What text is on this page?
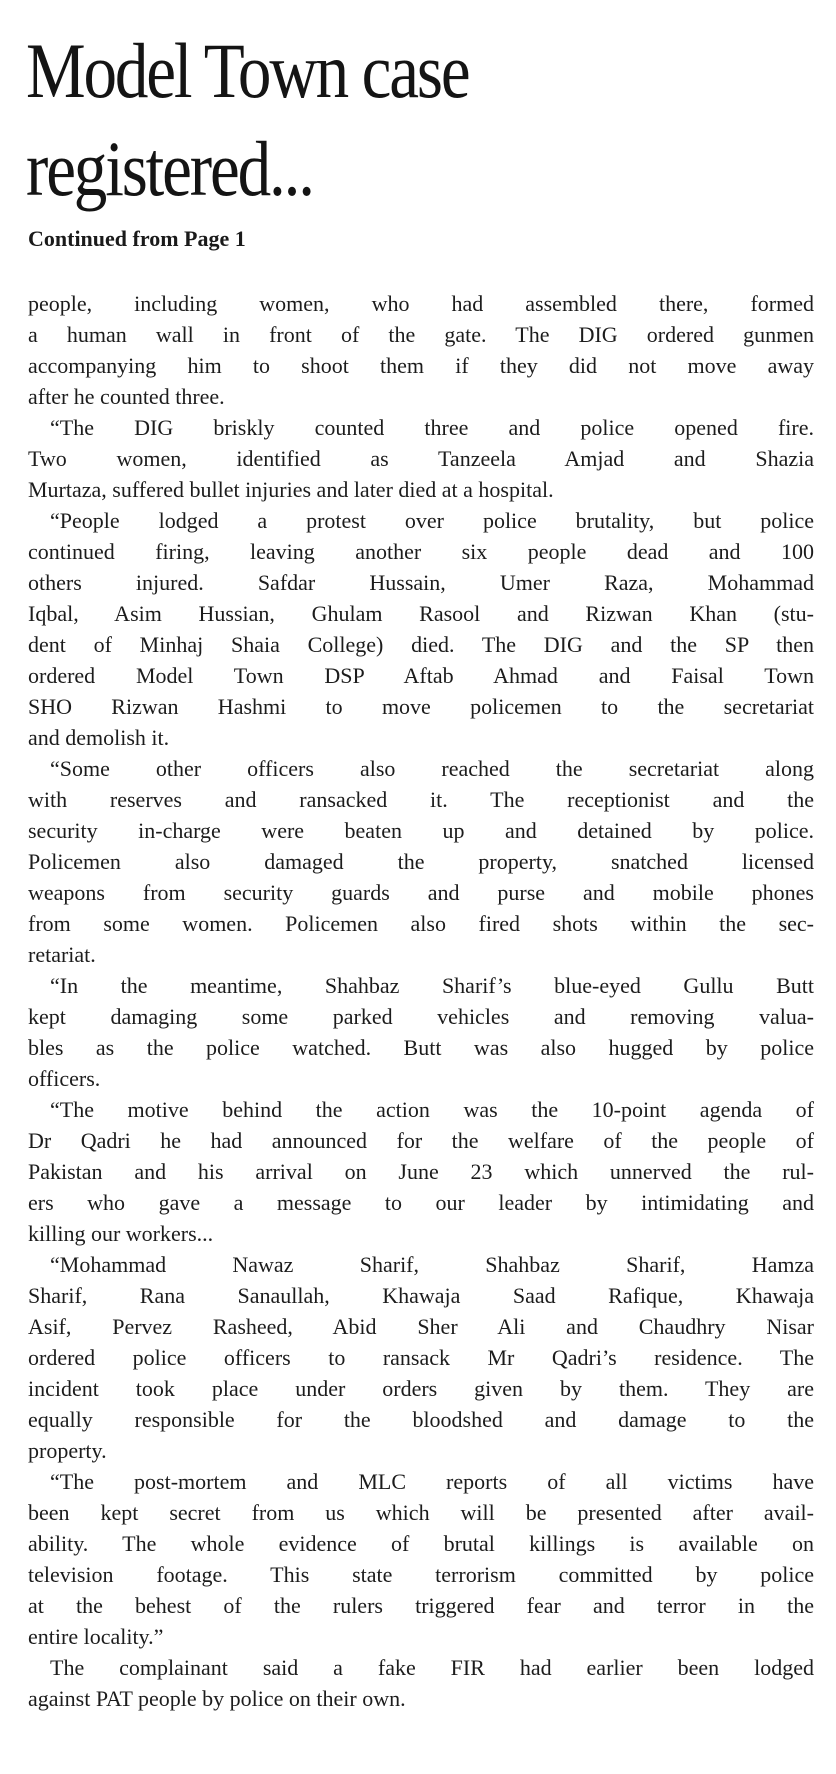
Model Town case
registered...

Continued from Page 1

people, including women, who had assembled there, formed
a human wall in front of the gate. The DIG ordered gunmen
accompanying him to shoot them if they did not move away
after he counted three.
“The DIG briskly counted three and police opened fire.
Two women, identified as Tanzeela Amjad and Shazia
Murtaza, suffered bullet injuries and later died at a hospital.
“People lodged a protest over police brutality, but police
continued firing, leaving another six people dead and 100
others injured. Safdar Hussain, Umer Raza, Mohammad
Iqbal, Asim Hussian, Ghulam Rasool and Rizwan Khan (stu-
dent of Minhaj Shaia College) died. The DIG and the SP then
ordered Model Town DSP Aftab Ahmad and Faisal Town
SHO Rizwan Hashmi to move policemen to the secretariat
and demolish it.
“Some other officers also reached the secretariat along
with reserves and ransacked it. The receptionist and the
security in-charge were beaten up and detained by police.
Policemen also damaged the property, snatched licensed
weapons from security guards and purse and mobile phones
from some women. Policemen also fired shots within the sec-
retariat.
“In the meantime, Shahbaz Sharif’s blue-eyed Gullu Butt
kept damaging some parked vehicles and removing valua-
bles as the police watched. Butt was also hugged by police
officers.
“The motive behind the action was the 10-point agenda of
Dr Qadri he had announced for the welfare of the people of
Pakistan and his arrival on June 23 which unnerved the rul-
ers who gave a message to our leader by intimidating and
killing our workers...
“Mohammad Nawaz Sharif, Shahbaz Sharif, Hamza
Sharif, Rana Sanaullah, Khawaja Saad Rafique, Khawaja
Asif, Pervez Rasheed, Abid Sher Ali and Chaudhry Nisar
ordered police officers to ransack Mr Qadri’s residence. The
incident took place under orders given by them. They are
equally responsible for the bloodshed and damage to the
property.
“The post-mortem and MLC reports of all victims have
been kept secret from us which will be presented after avail-
ability. The whole evidence of brutal killings is available on
television footage. This state terrorism committed by police
at the behest of the rulers triggered fear and terror in the
entire locality.”
The complainant said a fake FIR had earlier been lodged
against PAT people by police on their own.
